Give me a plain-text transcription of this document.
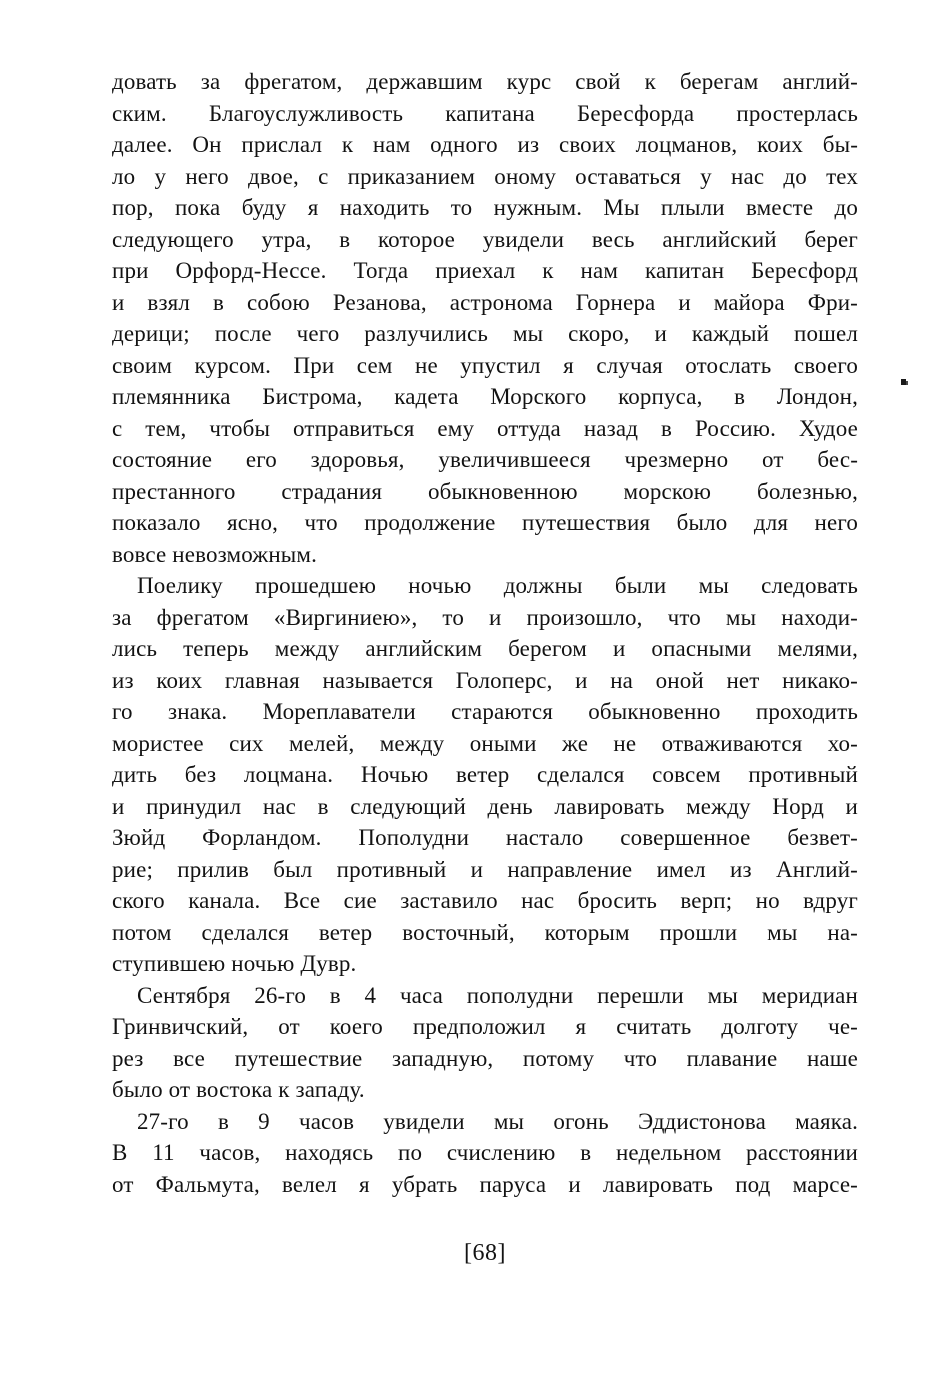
довать за фрегатом, державшим курс свой к берегам англий-
ским. Благоуслужливость капитана Бересфорда простерлась
далее. Он прислал к нам одного из своих лоцманов, коих бы-
ло у него двое, с приказанием оному оставаться у нас до тех
пор, пока буду я находить то нужным. Мы плыли вместе до
следующего утра, в которое увидели весь английский берег
при Орфорд-Нессе. Тогда приехал к нам капитан Бересфорд
и взял в собою Резанова, астронома Горнера и майора Фри-
дерици; после чего разлучились мы скоро, и каждый пошел
своим курсом. При сем не упустил я случая отослать своего
племянника Бистрома, кадета Морского корпуса, в Лондон,
с тем, чтобы отправиться ему оттуда назад в Россию. Худое
состояние его здоровья, увеличившееся чрезмерно от бес-
престанного страдания обыкновенною морскою болезнью,
показало ясно, что продолжение путешествия было для него
вовсе невозможным.
Поелику прошедшею ночью должны были мы следовать
за фрегатом «Виргиниею», то и произошло, что мы находи-
лись теперь между английским берегом и опасными мелями,
из коих главная называется Голоперс, и на оной нет никако-
го знака. Мореплаватели стараются обыкновенно проходить
мористее сих мелей, между оными же не отваживаются хо-
дить без лоцмана. Ночью ветер сделался совсем противный
и принудил нас в следующий день лавировать между Норд и
Зюйд Форландом. Пополудни настало совершенное безвет-
рие; прилив был противный и направление имел из Англий-
ского канала. Все сие заставило нас бросить верп; но вдруг
потом сделался ветер восточный, которым прошли мы на-
ступившею ночью Дувр.
Сентября 26-го в 4 часа пополудни перешли мы меридиан
Гринвичский, от коего предположил я считать долготу че-
рез все путешествие западную, потому что плавание наше
было от востока к западу.
27-го в 9 часов увидели мы огонь Эддистонова маяка.
В 11 часов, находясь по счислению в недельном расстоянии
от Фальмута, велел я убрать паруса и лавировать под марсе-
[68]
